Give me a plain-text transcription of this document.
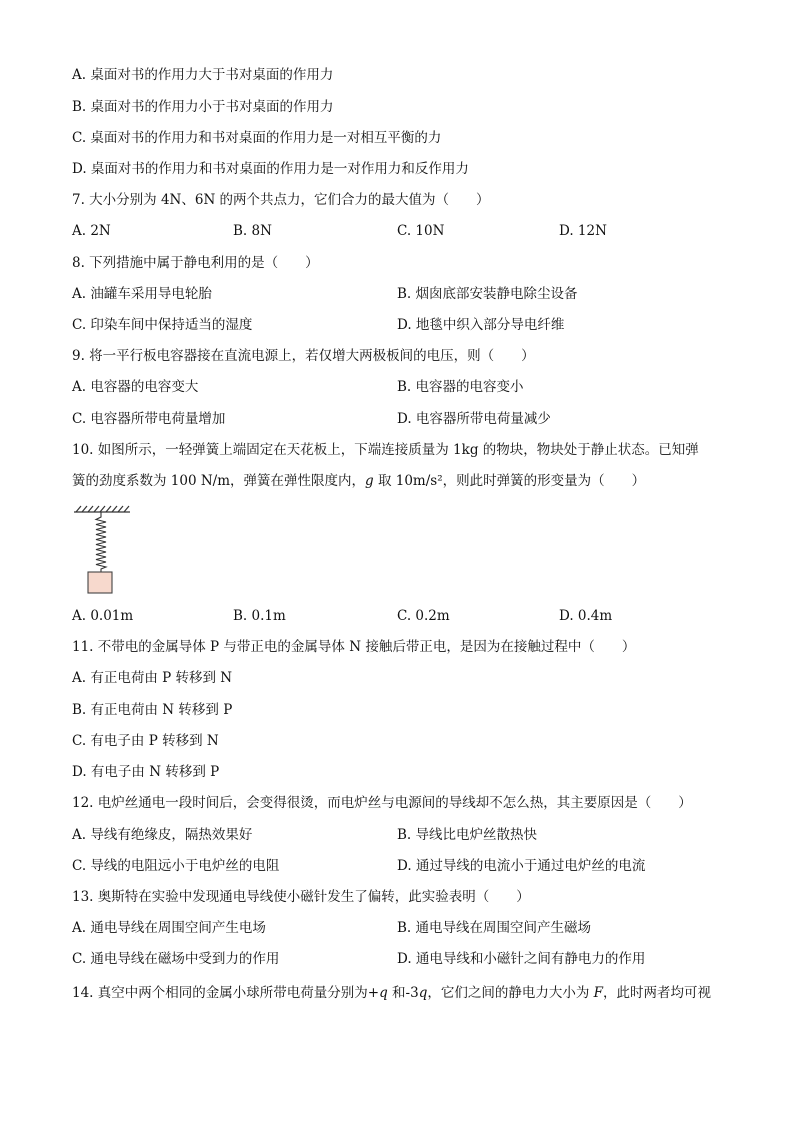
A. 桌面对书的作用力大于书对桌面的作用力
B. 桌面对书的作用力小于书对桌面的作用力
C. 桌面对书的作用力和书对桌面的作用力是一对相互平衡的力
D. 桌面对书的作用力和书对桌面的作用力是一对作用力和反作用力
7. 大小分别为 4N、6N 的两个共点力，它们合力的最大值为（　　）
A. 2N	B. 8N	C. 10N	D. 12N
8. 下列措施中属于静电利用的是（　　）
A. 油罐车采用导电轮胎	B. 烟囱底部安装静电除尘设备
C. 印染车间中保持适当的湿度	D. 地毯中织入部分导电纤维
9. 将一平行板电容器接在直流电源上，若仅增大两极板间的电压，则（　　）
A. 电容器的电容变大	B. 电容器的电容变小
C. 电容器所带电荷量增加	D. 电容器所带电荷量减少
10. 如图所示，一轻弹簧上端固定在天花板上，下端连接质量为 1kg 的物块，物块处于静止状态。已知弹
簧的劲度系数为 100 N/m，弹簧在弹性限度内，g 取 10m/s²，则此时弹簧的形变量为（　　）
A. 0.01m	B. 0.1m	C. 0.2m	D. 0.4m
11. 不带电的金属导体 P 与带正电的金属导体 N 接触后带正电，是因为在接触过程中（　　）
A. 有正电荷由 P 转移到 N
B. 有正电荷由 N 转移到 P
C. 有电子由 P 转移到 N
D. 有电子由 N 转移到 P
12. 电炉丝通电一段时间后，会变得很烫，而电炉丝与电源间的导线却不怎么热，其主要原因是（　　）
A. 导线有绝缘皮，隔热效果好	B. 导线比电炉丝散热快
C. 导线的电阻远小于电炉丝的电阻	D. 通过导线的电流小于通过电炉丝的电流
13. 奥斯特在实验中发现通电导线使小磁针发生了偏转，此实验表明（　　）
A. 通电导线在周围空间产生电场	B. 通电导线在周围空间产生磁场
C. 通电导线在磁场中受到力的作用	D. 通电导线和小磁针之间有静电力的作用
14. 真空中两个相同的金属小球所带电荷量分别为+q 和-3q，它们之间的静电力大小为 F，此时两者均可视
